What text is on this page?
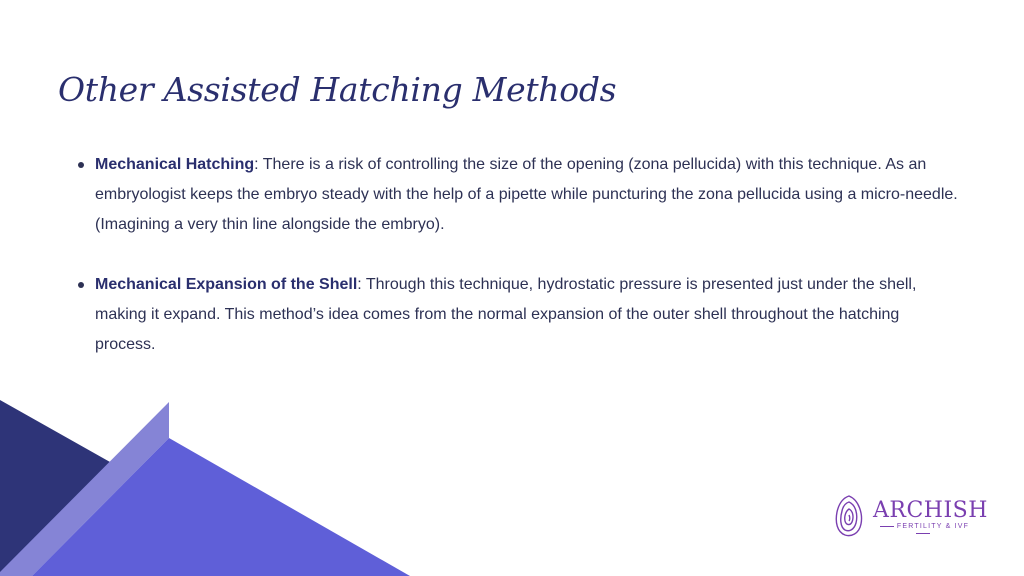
Other Assisted Hatching Methods
Mechanical Hatching: There is a risk of controlling the size of the opening (zona pellucida) with this technique. As an embryologist keeps the embryo steady with the help of a pipette while puncturing the zona pellucida using a micro-needle. (Imagining a very thin line alongside the embryo).
Mechanical Expansion of the Shell: Through this technique, hydrostatic pressure is presented just under the shell, making it expand. This method’s idea comes from the normal expansion of the outer shell throughout the hatching process.
ARCHISH
FERTILITY & IVF
